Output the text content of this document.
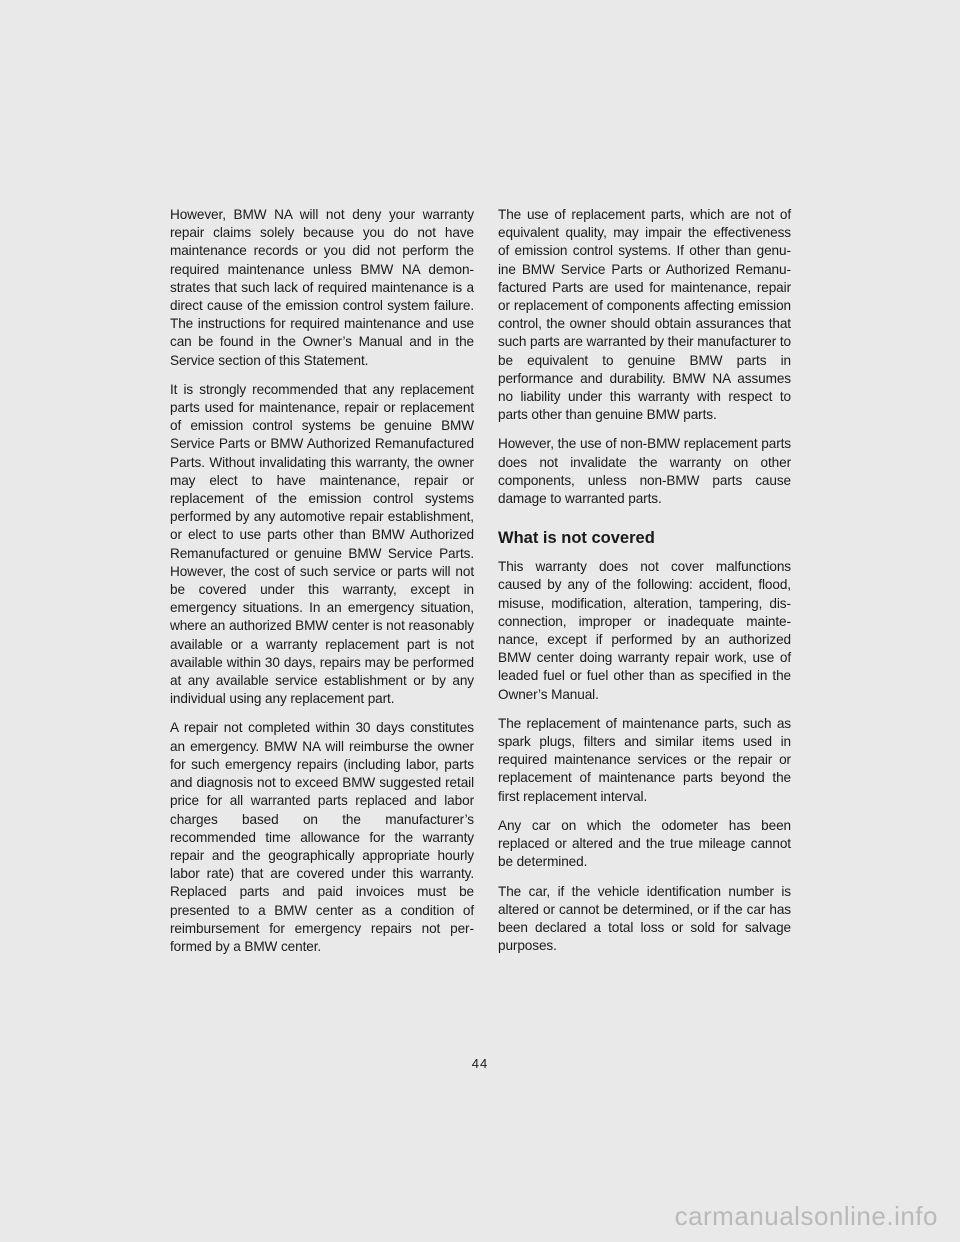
However, BMW NA will not deny your warranty repair claims solely because you do not have maintenance records or you did not perform the required maintenance unless BMW NA demonstrates that such lack of required maintenance is a direct cause of the emission control system failure. The instructions for required maintenance and use can be found in the Owner’s Manual and in the Service section of this Statement.

It is strongly recommended that any replacement parts used for maintenance, repair or replacement of emission control systems be genuine BMW Service Parts or BMW Authorized Remanufactured Parts. Without invalidating this warranty, the owner may elect to have maintenance, repair or replacement of the emission control systems performed by any automotive repair establishment, or elect to use parts other than BMW Authorized Remanufactured or genuine BMW Service Parts. However, the cost of such service or parts will not be covered under this warranty, except in emergency situations. In an emergency situation, where an authorized BMW center is not reasonably available or a warranty replacement part is not available within 30 days, repairs may be performed at any available service establishment or by any individual using any replacement part.

A repair not completed within 30 days constitutes an emergency. BMW NA will reimburse the owner for such emergency repairs (including labor, parts and diagnosis not to exceed BMW suggested retail price for all warranted parts replaced and labor charges based on the manufacturer’s recommended time allowance for the warranty repair and the geographically appropriate hourly labor rate) that are covered under this warranty. Replaced parts and paid invoices must be presented to a BMW center as a condition of reimbursement for emergency repairs not performed by a BMW center.

The use of replacement parts, which are not of equivalent quality, may impair the effectiveness of emission control systems. If other than genuine BMW Service Parts or Authorized Remanufactured Parts are used for maintenance, repair or replacement of components affecting emission control, the owner should obtain assurances that such parts are warranted by their manufacturer to be equivalent to genuine BMW parts in performance and durability. BMW NA assumes no liability under this warranty with respect to parts other than genuine BMW parts.

However, the use of non-BMW replacement parts does not invalidate the warranty on other components, unless non-BMW parts cause damage to warranted parts.

What is not covered

This warranty does not cover malfunctions caused by any of the following: accident, flood, misuse, modification, alteration, tampering, disconnection, improper or inadequate maintenance, except if performed by an authorized BMW center doing warranty repair work, use of leaded fuel or fuel other than as specified in the Owner’s Manual.

The replacement of maintenance parts, such as spark plugs, filters and similar items used in required maintenance services or the repair or replacement of maintenance parts beyond the first replacement interval.

Any car on which the odometer has been replaced or altered and the true mileage cannot be determined.

The car, if the vehicle identification number is altered or cannot be determined, or if the car has been declared a total loss or sold for salvage purposes.

44
carmanualsonline.info
